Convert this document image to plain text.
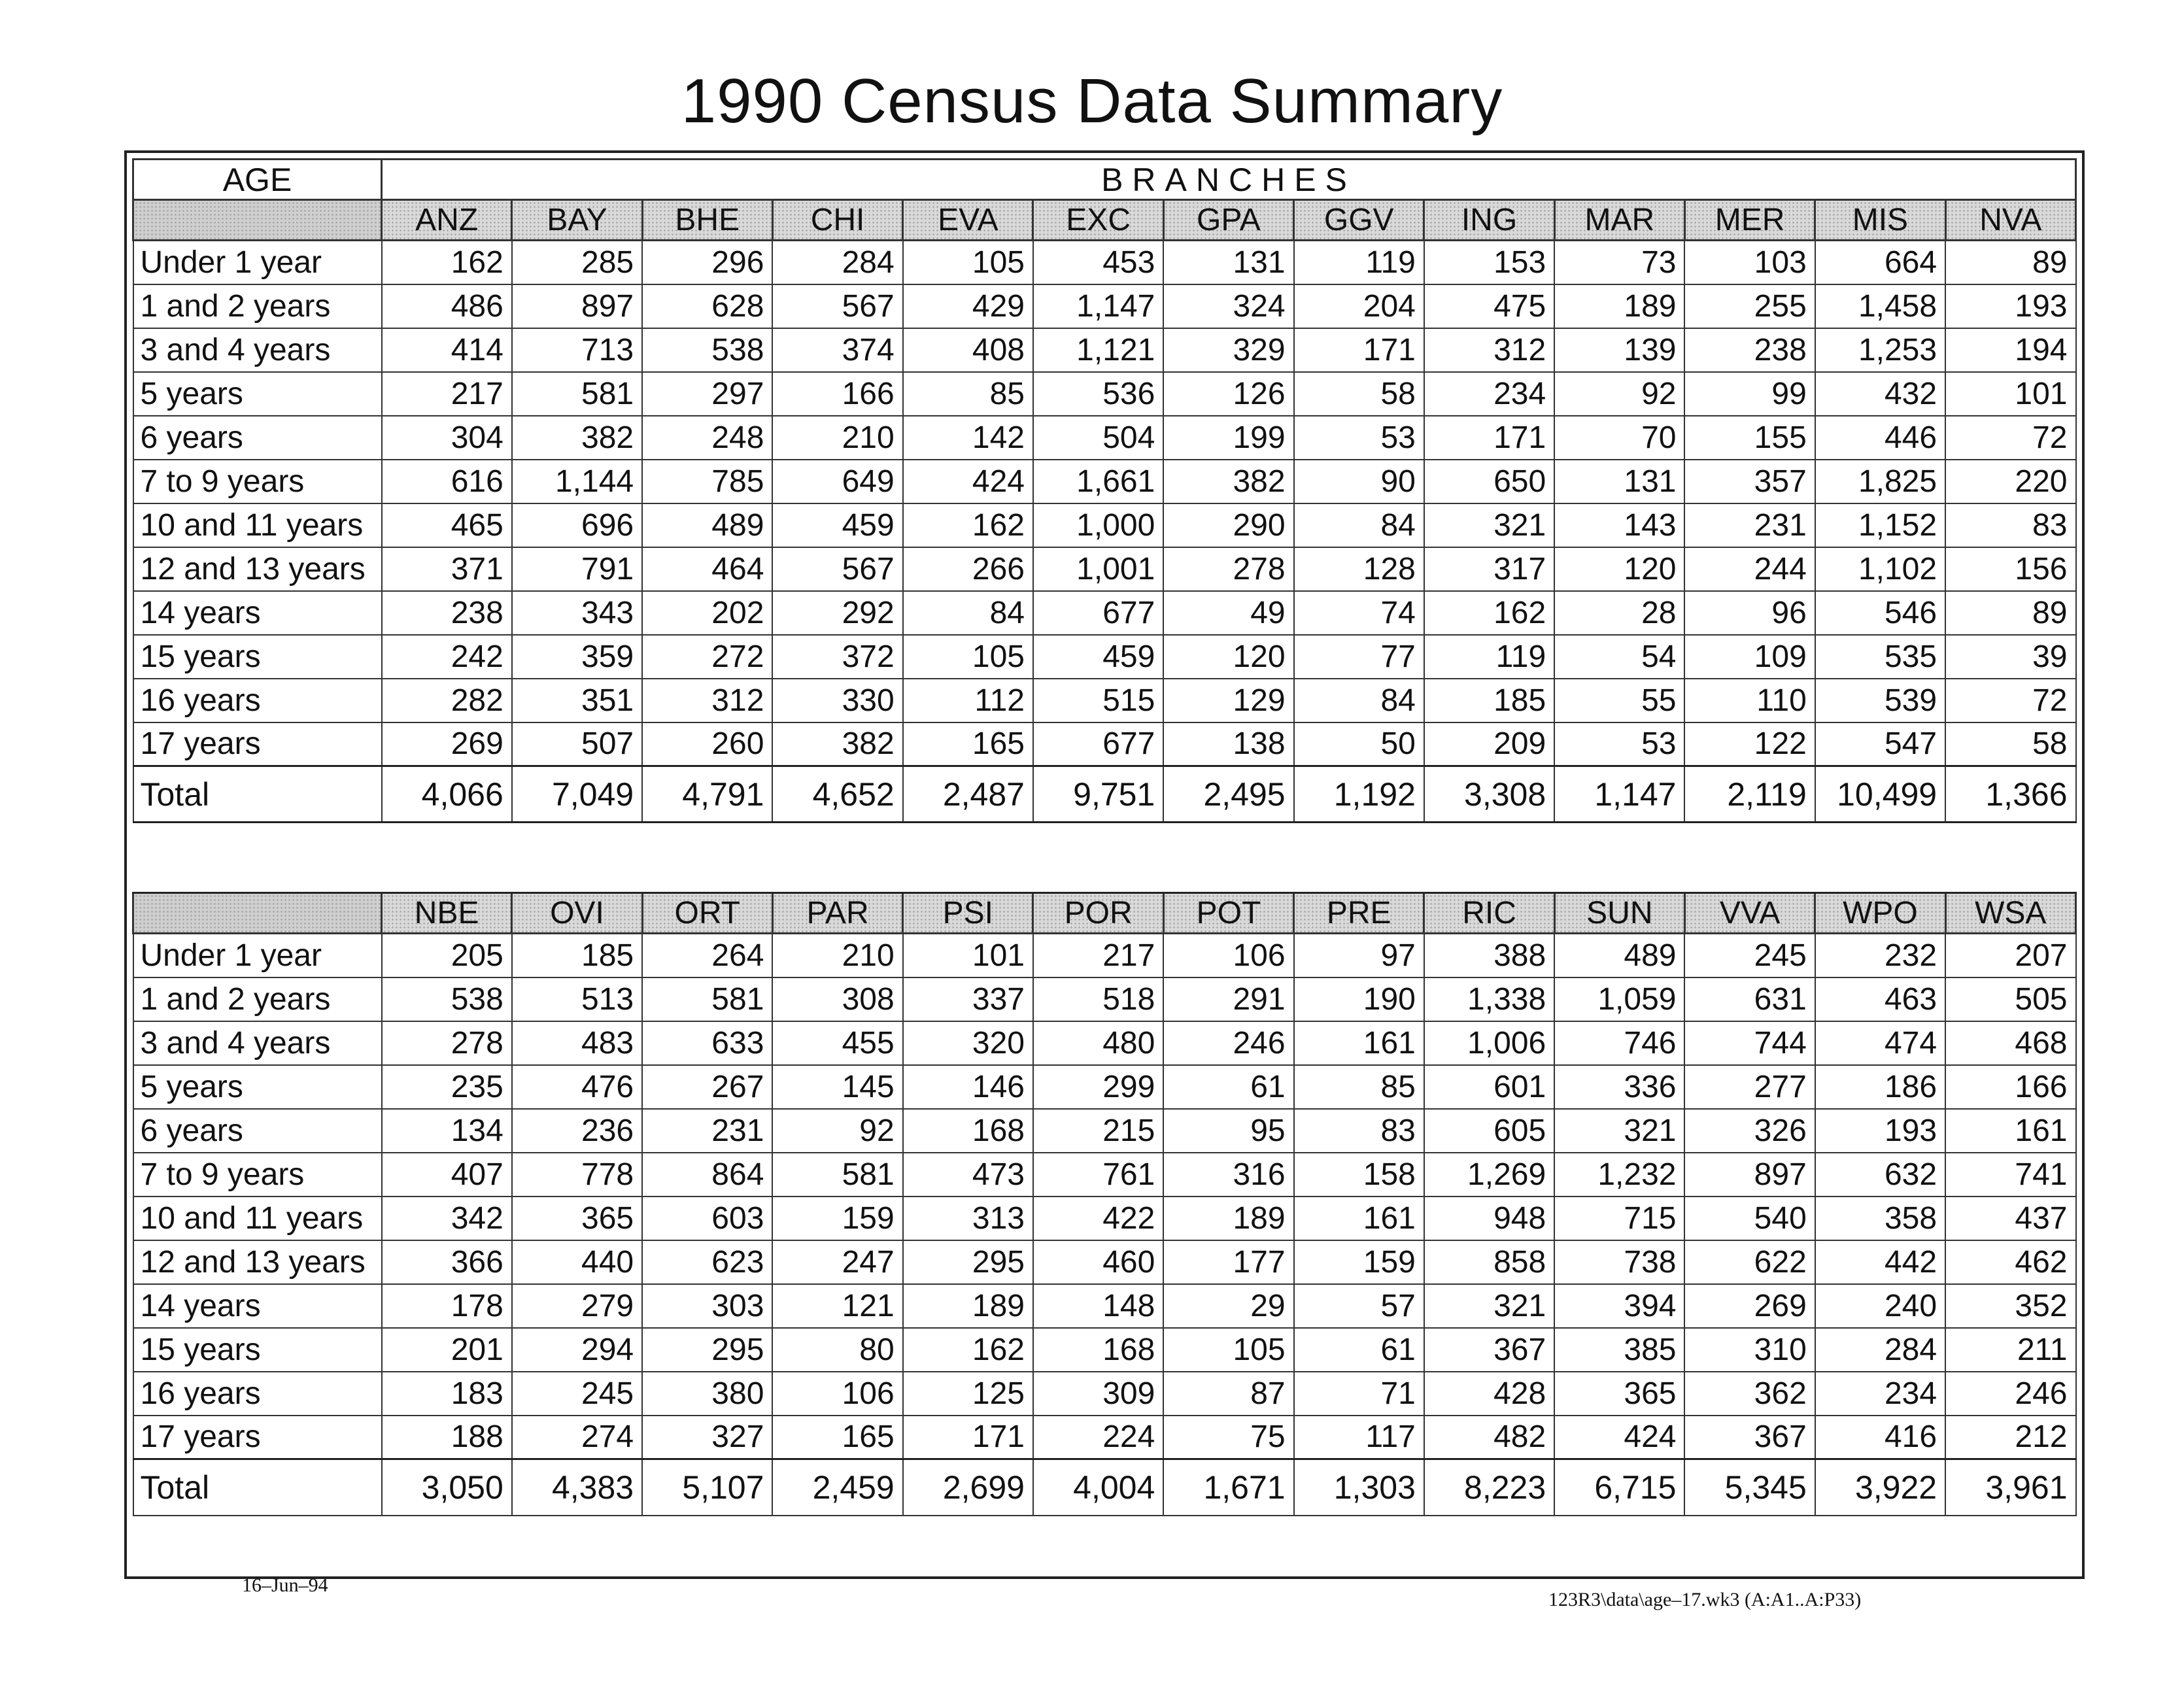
1990 Census Data Summary
AGE	BRANCHES												
	ANZ	BAY	BHE	CHI	EVA	EXC	GPA	GGV	ING	MAR	MER	MIS	NVA
Under 1 year	162	285	296	284	105	453	131	119	153	73	103	664	89
1 and 2 years	486	897	628	567	429	1,147	324	204	475	189	255	1,458	193
3 and 4 years	414	713	538	374	408	1,121	329	171	312	139	238	1,253	194
5 years	217	581	297	166	85	536	126	58	234	92	99	432	101
6 years	304	382	248	210	142	504	199	53	171	70	155	446	72
7 to 9 years	616	1,144	785	649	424	1,661	382	90	650	131	357	1,825	220
10 and 11 years	465	696	489	459	162	1,000	290	84	321	143	231	1,152	83
12 and 13 years	371	791	464	567	266	1,001	278	128	317	120	244	1,102	156
14 years	238	343	202	292	84	677	49	74	162	28	96	546	89
15 years	242	359	272	372	105	459	120	77	119	54	109	535	39
16 years	282	351	312	330	112	515	129	84	185	55	110	539	72
17 years	269	507	260	382	165	677	138	50	209	53	122	547	58
Total	4,066	7,049	4,791	4,652	2,487	9,751	2,495	1,192	3,308	1,147	2,119	10,499	1,366

	NBE	OVI	ORT	PAR	PSI	POR	POT	PRE	RIC	SUN	VVA	WPO	WSA
Under 1 year	205	185	264	210	101	217	106	97	388	489	245	232	207
1 and 2 years	538	513	581	308	337	518	291	190	1,338	1,059	631	463	505
3 and 4 years	278	483	633	455	320	480	246	161	1,006	746	744	474	468
5 years	235	476	267	145	146	299	61	85	601	336	277	186	166
6 years	134	236	231	92	168	215	95	83	605	321	326	193	161
7 to 9 years	407	778	864	581	473	761	316	158	1,269	1,232	897	632	741
10 and 11 years	342	365	603	159	313	422	189	161	948	715	540	358	437
12 and 13 years	366	440	623	247	295	460	177	159	858	738	622	442	462
14 years	178	279	303	121	189	148	29	57	321	394	269	240	352
15 years	201	294	295	80	162	168	105	61	367	385	310	284	211
16 years	183	245	380	106	125	309	87	71	428	365	362	234	246
17 years	188	274	327	165	171	224	75	117	482	424	367	416	212
Total	3,050	4,383	5,107	2,459	2,699	4,004	1,671	1,303	8,223	6,715	5,345	3,922	3,961
16–Jun–94
123R3\data\age–17.wk3 (A:A1..A:P33)
